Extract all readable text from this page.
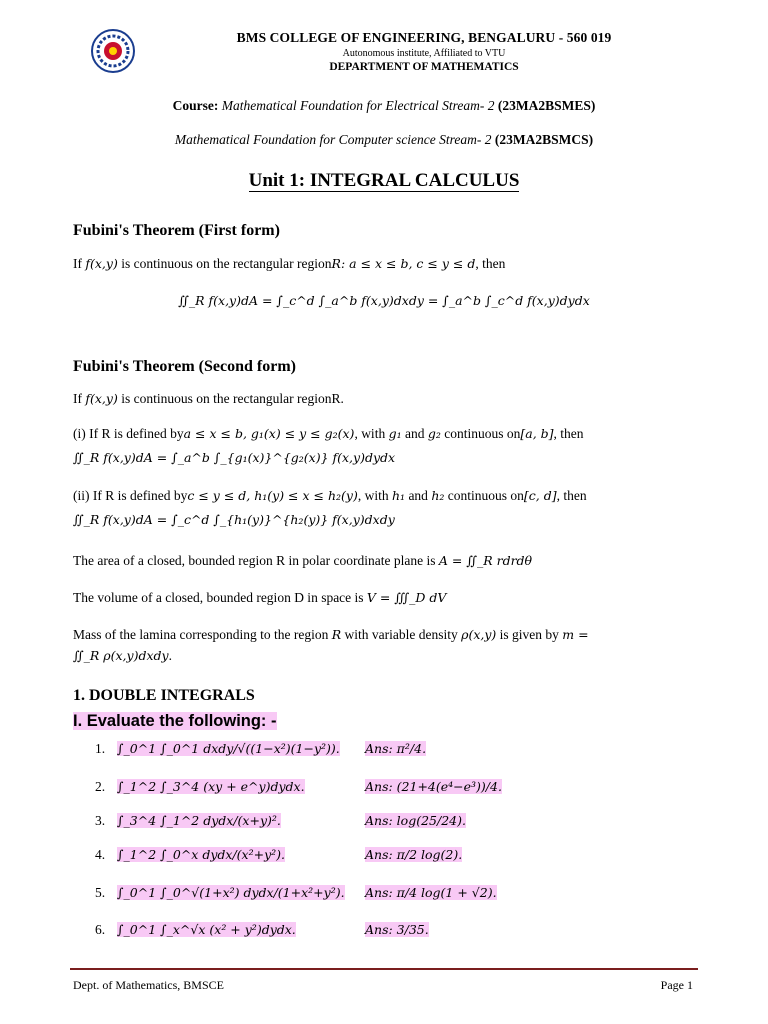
BMS COLLEGE OF ENGINEERING, BENGALURU - 560 019
Autonomous institute, Affiliated to VTU
DEPARTMENT OF MATHEMATICS
Course: Mathematical Foundation for Electrical Stream- 2 (23MA2BSMES)
Mathematical Foundation for Computer science Stream- 2 (23MA2BSMCS)
Unit 1: INTEGRAL CALCULUS
Fubini's Theorem (First form)
If f(x,y) is continuous on the rectangular regionR: a ≤ x ≤ b, c ≤ y ≤ d, then
∬_R f(x,y)dA = ∫_c^d ∫_a^b f(x,y)dxdy = ∫_a^b ∫_c^d f(x,y)dydx
Fubini's Theorem (Second form)
If f(x,y) is continuous on the rectangular regionR.
(i) If R is defined bya ≤ x ≤ b, g₁(x) ≤ y ≤ g₂(x), with g₁ and g₂ continuous on[a, b], then
∬_R f(x,y)dA = ∫_a^b ∫_{g₁(x)}^{g₂(x)} f(x,y)dydx
(ii) If R is defined byc ≤ y ≤ d, h₁(y) ≤ x ≤ h₂(y), with h₁ and h₂ continuous on[c, d], then
∬_R f(x,y)dA = ∫_c^d ∫_{h₁(y)}^{h₂(y)} f(x,y)dxdy
The area of a closed, bounded region R in polar coordinate plane is A = ∬_R rdrdθ
The volume of a closed, bounded region D in space is V = ∭_D dV
Mass of the lamina corresponding to the region R with variable density ρ(x,y) is given by m =
∬_R ρ(x,y)dxdy.
1. DOUBLE INTEGRALS
I. Evaluate the following: -
1. ∫_0^1 ∫_0^1 dxdy/√((1−x²)(1−y²)). Ans: π²/4.
2. ∫_1^2 ∫_3^4 (xy + e^y)dydx.	Ans: (21+4(e⁴−e³))/4.
3. ∫_3^4 ∫_1^2 dydx/(x+y)².	Ans: log(25/24).
4. ∫_1^2 ∫_0^x dydx/(x²+y²).	Ans: π/2 log(2).
5. ∫_0^1 ∫_0^√(1+x²) dydx/(1+x²+y²). Ans: π/4 log(1 + √2).
6. ∫_0^1 ∫_x^√x (x² + y²)dydx.	Ans: 3/35.
Dept. of Mathematics, BMSCE	Page 1
